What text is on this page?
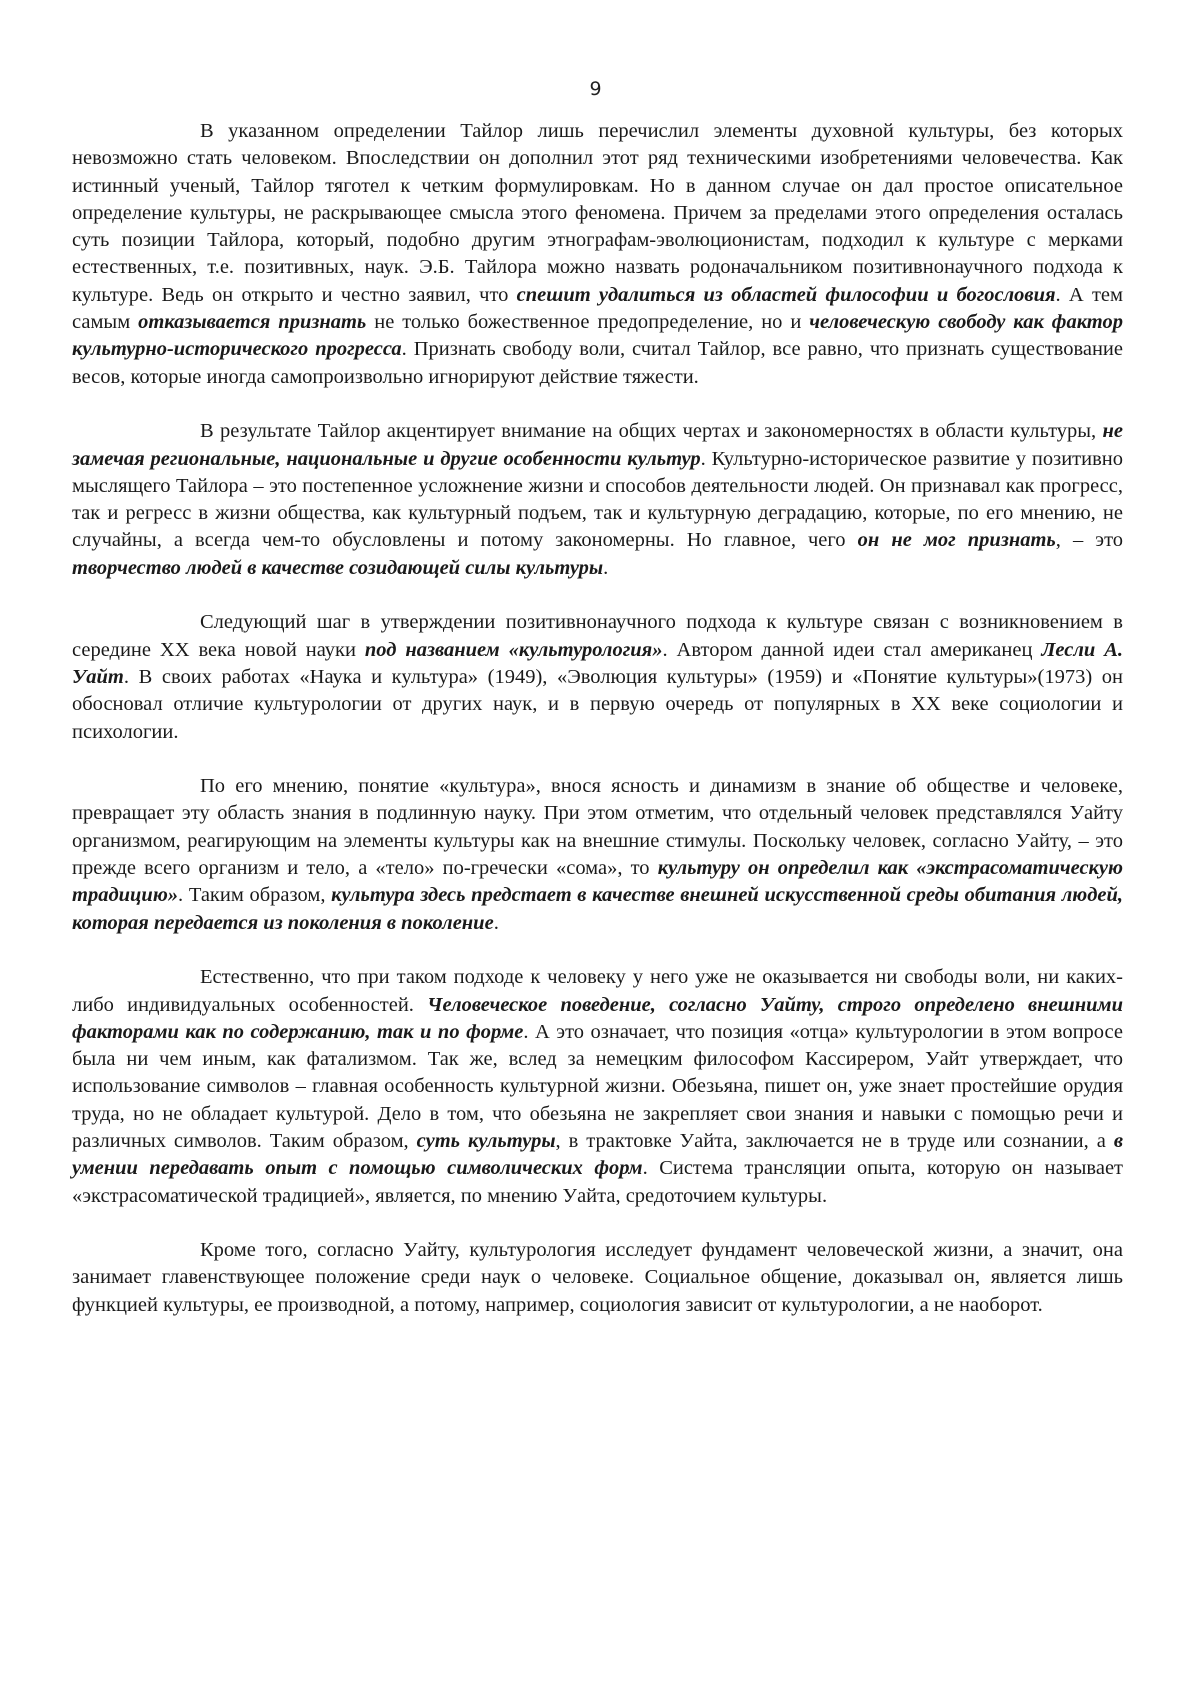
9

В указанном определении Тайлор лишь перечислил элементы духовной культуры, без которых невозможно стать человеком. Впоследствии он дополнил этот ряд техническими изобретениями человечества. Как истинный ученый, Тайлор тяготел к четким формулировкам. Но в данном случае он дал простое описательное определение культуры, не раскрывающее смысла этого феномена. Причем за пределами этого определения осталась суть позиции Тайлора, который, подобно другим этнографам-эволюционистам, подходил к культуре с мерками естественных, т.е. позитивных, наук. Э.Б. Тайлора можно назвать родоначальником позитивнонаучного подхода к культуре. Ведь он открыто и честно заявил, что спешит удалиться из областей философии и богословия. А тем самым отказывается признать не только божественное предопределение, но и человеческую свободу как фактор культурно-исторического прогресса. Признать свободу воли, считал Тайлор, все равно, что признать существование весов, которые иногда самопроизвольно игнорируют действие тяжести.

В результате Тайлор акцентирует внимание на общих чертах и закономерностях в области культуры, не замечая региональные, национальные и другие особенности культур. Культурно-историческое развитие у позитивно мыслящего Тайлора – это постепенное усложнение жизни и способов деятельности людей. Он признавал как прогресс, так и регресс в жизни общества, как культурный подъем, так и культурную деградацию, которые, по его мнению, не случайны, а всегда чем-то обусловлены и потому закономерны. Но главное, чего он не мог признать, – это творчество людей в качестве созидающей силы культуры.

Следующий шаг в утверждении позитивнонаучного подхода к культуре связан с возникновением в середине XX века новой науки под названием «культурология». Автором данной идеи стал американец Лесли А. Уайт. В своих работах «Наука и культура» (1949), «Эволюция культуры» (1959) и «Понятие культуры»(1973) он обосновал отличие культурологии от других наук, и в первую очередь от популярных в XX веке социологии и психологии.

По его мнению, понятие «культура», внося ясность и динамизм в знание об обществе и человеке, превращает эту область знания в подлинную науку. При этом отметим, что отдельный человек представлялся Уайту организмом, реагирующим на элементы культуры как на внешние стимулы. Поскольку человек, согласно Уайту, – это прежде всего организм и тело, а «тело» по-гречески «сома», то культуру он определил как «экстрасоматическую традицию». Таким образом, культура здесь предстает в качестве внешней искусственной среды обитания людей, которая передается из поколения в поколение.

Естественно, что при таком подходе к человеку у него уже не оказывается ни свободы воли, ни каких-либо индивидуальных особенностей. Человеческое поведение, согласно Уайту, строго определено внешними факторами как по содержанию, так и по форме. А это означает, что позиция «отца» культурологии в этом вопросе была ни чем иным, как фатализмом. Так же, вслед за немецким философом Кассирером, Уайт утверждает, что использование символов – главная особенность культурной жизни. Обезьяна, пишет он, уже знает простейшие орудия труда, но не обладает культурой. Дело в том, что обезьяна не закрепляет свои знания и навыки с помощью речи и различных символов. Таким образом, суть культуры, в трактовке Уайта, заключается не в труде или сознании, а в умении передавать опыт с помощью символических форм. Система трансляции опыта, которую он называет «экстрасоматической традицией», является, по мнению Уайта, средоточием культуры.

Кроме того, согласно Уайту, культурология исследует фундамент человеческой жизни, а значит, она занимает главенствующее положение среди наук о человеке. Социальное общение, доказывал он, является лишь функцией культуры, ее производной, а потому, например, социология зависит от культурологии, а не наоборот.
